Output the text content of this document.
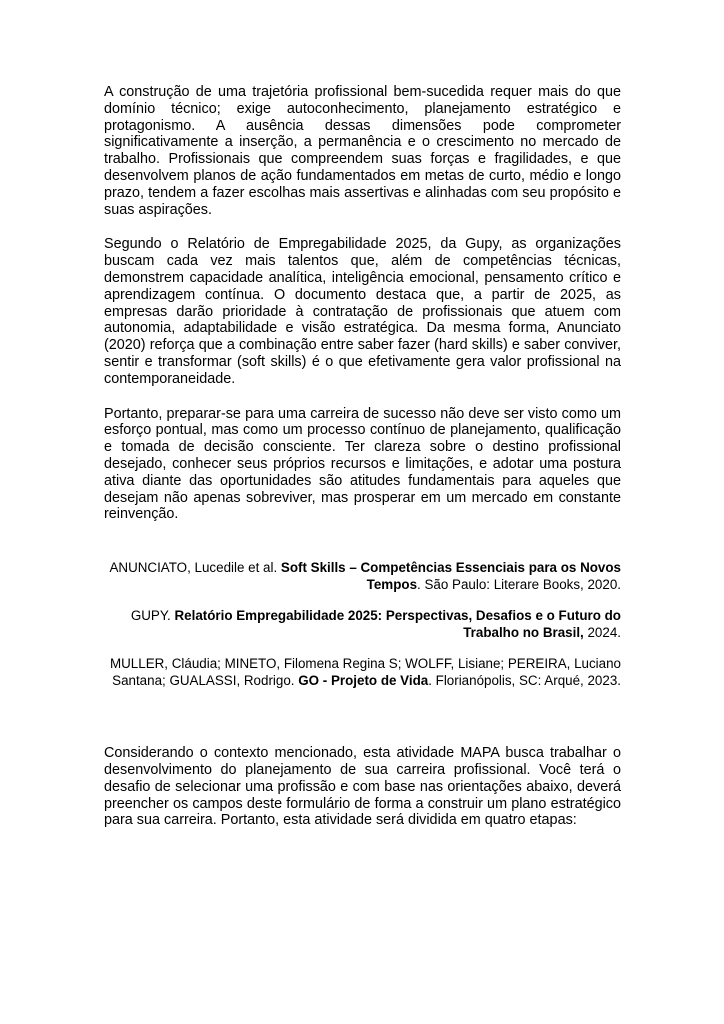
A construção de uma trajetória profissional bem-sucedida requer mais do que domínio técnico; exige autoconhecimento, planejamento estratégico e protagonismo. A ausência dessas dimensões pode comprometer significativamente a inserção, a permanência e o crescimento no mercado de trabalho. Profissionais que compreendem suas forças e fragilidades, e que desenvolvem planos de ação fundamentados em metas de curto, médio e longo prazo, tendem a fazer escolhas mais assertivas e alinhadas com seu propósito e suas aspirações.

Segundo o Relatório de Empregabilidade 2025, da Gupy, as organizações buscam cada vez mais talentos que, além de competências técnicas, demonstrem capacidade analítica, inteligência emocional, pensamento crítico e aprendizagem contínua. O documento destaca que, a partir de 2025, as empresas darão prioridade à contratação de profissionais que atuem com autonomia, adaptabilidade e visão estratégica. Da mesma forma, Anunciato (2020) reforça que a combinação entre saber fazer (hard skills) e saber conviver, sentir e transformar (soft skills) é o que efetivamente gera valor profissional na contemporaneidade.

Portanto, preparar-se para uma carreira de sucesso não deve ser visto como um esforço pontual, mas como um processo contínuo de planejamento, qualificação e tomada de decisão consciente. Ter clareza sobre o destino profissional desejado, conhecer seus próprios recursos e limitações, e adotar uma postura ativa diante das oportunidades são atitudes fundamentais para aqueles que desejam não apenas sobreviver, mas prosperar em um mercado em constante reinvenção.

ANUNCIATO, Lucedile et al. Soft Skills – Competências Essenciais para os Novos Tempos. São Paulo: Literare Books, 2020.

GUPY. Relatório Empregabilidade 2025: Perspectivas, Desafios e o Futuro do Trabalho no Brasil, 2024.

MULLER, Cláudia; MINETO, Filomena Regina S; WOLFF, Lisiane; PEREIRA, Luciano Santana; GUALASSI, Rodrigo. GO - Projeto de Vida. Florianópolis, SC: Arqué, 2023.

Considerando o contexto mencionado, esta atividade MAPA busca trabalhar o desenvolvimento do planejamento de sua carreira profissional. Você terá o desafio de selecionar uma profissão e com base nas orientações abaixo, deverá preencher os campos deste formulário de forma a construir um plano estratégico para sua carreira. Portanto, esta atividade será dividida em quatro etapas:
